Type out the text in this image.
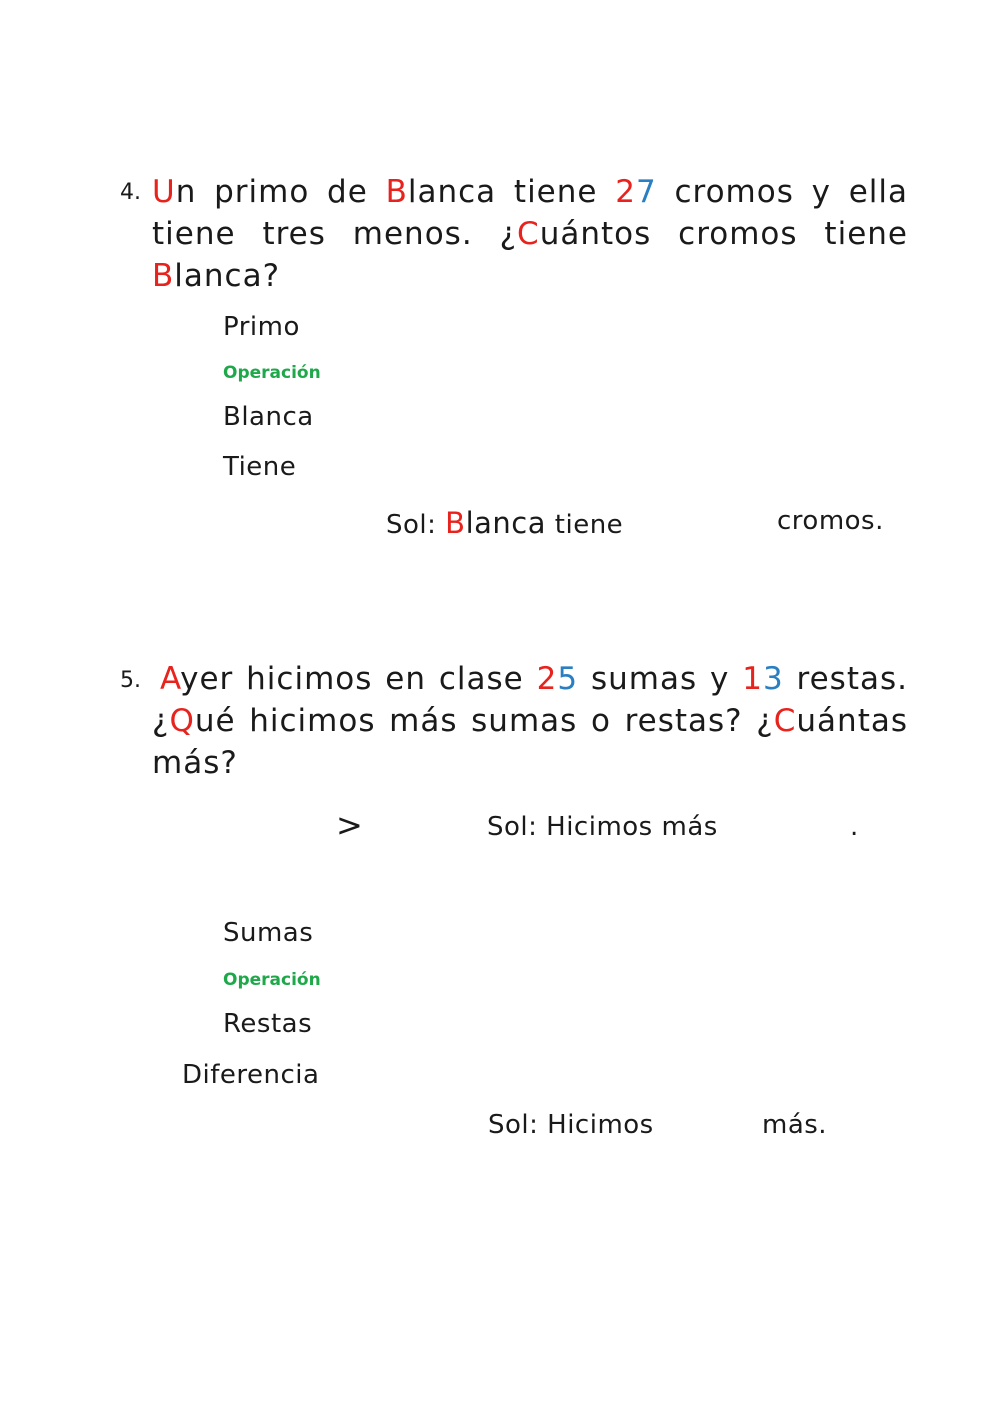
4. Un primo de Blanca tiene 27 cromos y ella
tiene tres menos. ¿Cuántos cromos tiene
Blanca?
Primo
Operación
Blanca
Tiene
Sol: Blanca tiene	cromos.
5. Ayer hicimos en clase 25 sumas y 13 restas.
¿Qué hicimos más sumas o restas? ¿Cuántas
más?
>	Sol: Hicimos más	.
Sumas
Operación
Restas
Diferencia
Sol: Hicimos	más.
